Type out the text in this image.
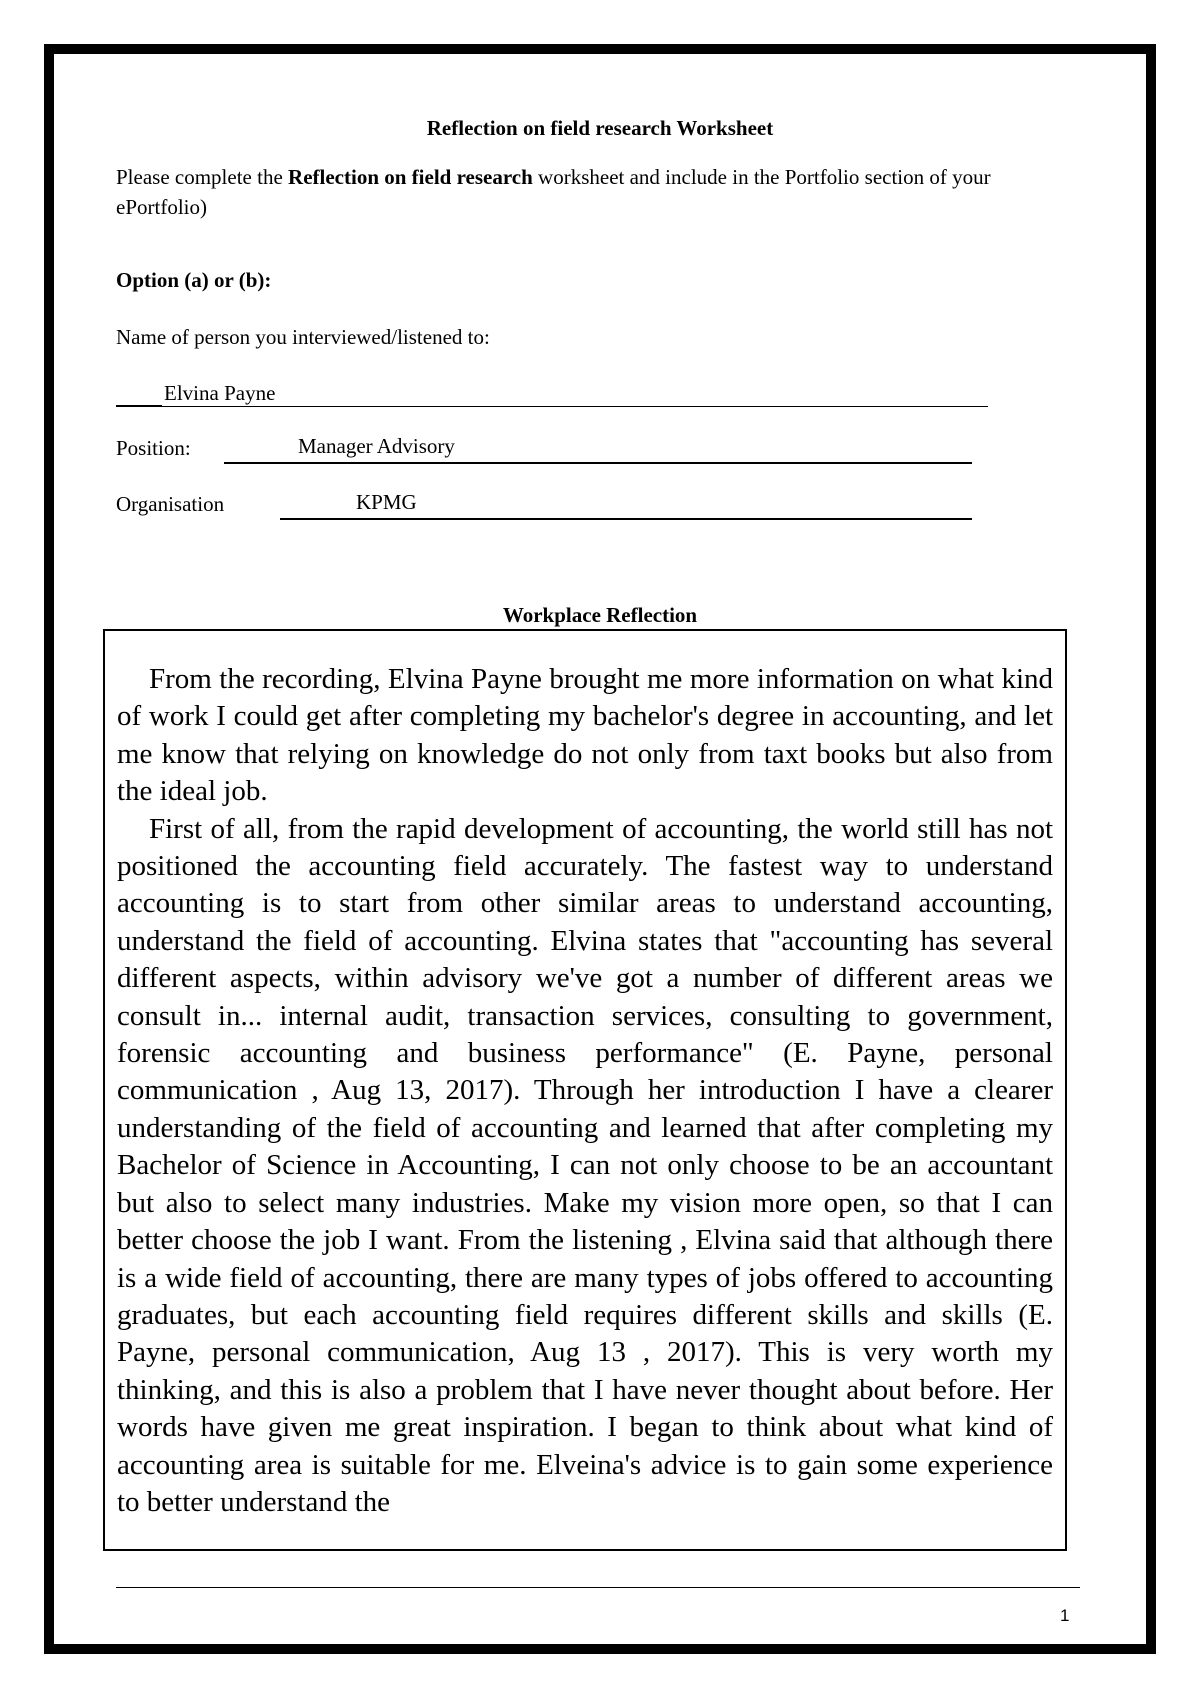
Reflection on field research Worksheet
Please complete the Reflection on field research worksheet and include in the Portfolio section of your ePortfolio)
Option (a) or (b):
Name of person you interviewed/listened to:
Elvina Payne
Position:	Manager Advisory
Organisation	KPMG
Workplace Reflection

From the recording, Elvina Payne brought me more information on what kind of work I could get after completing my bachelor's degree in accounting, and let me know that relying on knowledge do not only from taxt books but also from the ideal job.

First of all, from the rapid development of accounting, the world still has not positioned the accounting field accurately. The fastest way to understand accounting is to start from other similar areas to understand accounting, understand the field of accounting. Elvina states that "accounting has several different aspects, within advisory we've got a number of different areas we consult in... internal audit, transaction services, consulting to government, forensic accounting and business performance" (E. Payne, personal communication , Aug 13, 2017). Through her introduction I have a clearer understanding of the field of accounting and learned that after completing my Bachelor of Science in Accounting, I can not only choose to be an accountant but also to select many industries. Make my vision more open, so that I can better choose the job I want. From the listening , Elvina said that although there is a wide field of accounting, there are many types of jobs offered to accounting graduates, but each accounting field requires different skills and skills (E. Payne, personal communication, Aug 13 , 2017). This is very worth my thinking, and this is also a problem that I have never thought about before. Her words have given me great inspiration. I began to think about what kind of accounting area is suitable for me. Elveina's advice is to gain some experience to better understand the

1
